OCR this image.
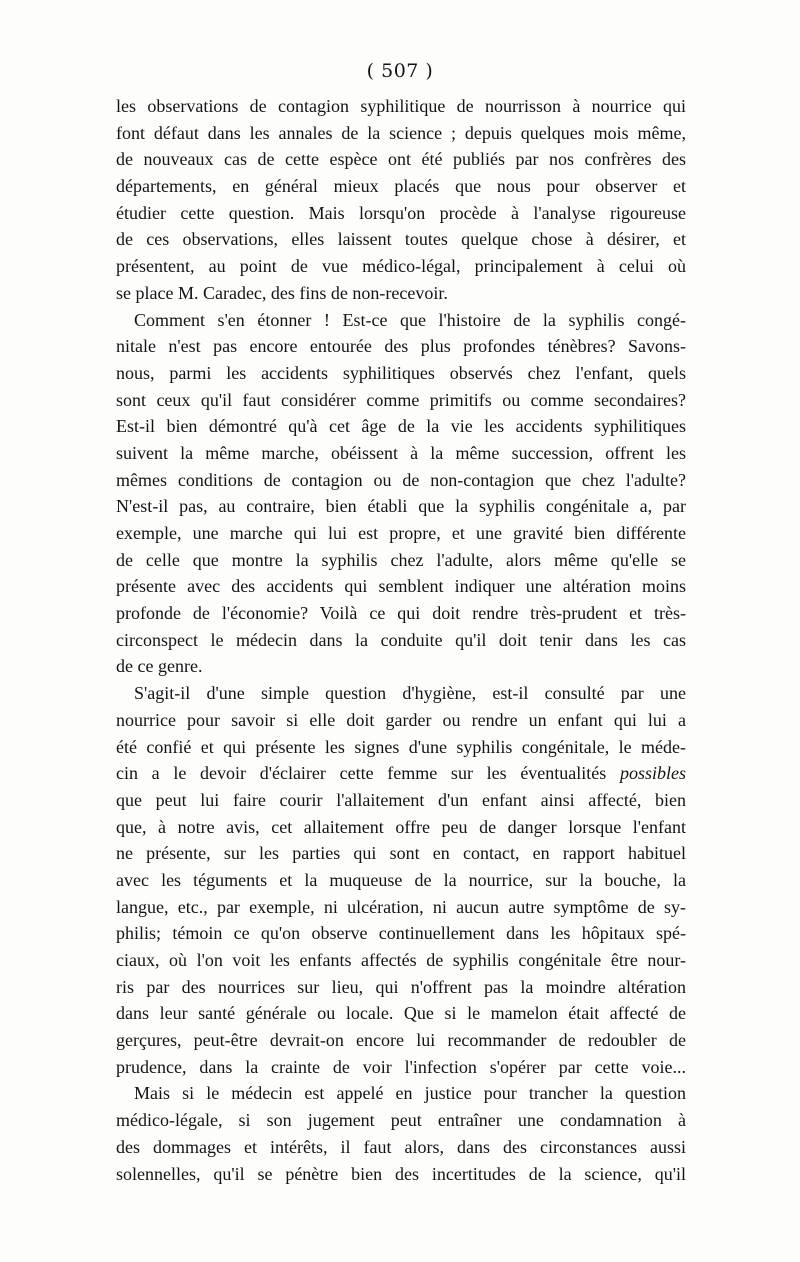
( 507 )
les observations de contagion syphilitique de nourrisson à nourrice qui
font défaut dans les annales de la science ; depuis quelques mois même,
de nouveaux cas de cette espèce ont été publiés par nos confrères des
départements, en général mieux placés que nous pour observer et
étudier cette question. Mais lorsqu'on procède à l'analyse rigoureuse
de ces observations, elles laissent toutes quelque chose à désirer, et
présentent, au point de vue médico-légal, principalement à celui où
se place M. Caradec, des fins de non-recevoir.
Comment s'en étonner ! Est-ce que l'histoire de la syphilis congé-
nitale n'est pas encore entourée des plus profondes ténèbres? Savons-
nous, parmi les accidents syphilitiques observés chez l'enfant, quels
sont ceux qu'il faut considérer comme primitifs ou comme secondaires?
Est-il bien démontré qu'à cet âge de la vie les accidents syphilitiques
suivent la même marche, obéissent à la même succession, offrent les
mêmes conditions de contagion ou de non-contagion que chez l'adulte?
N'est-il pas, au contraire, bien établi que la syphilis congénitale a, par
exemple, une marche qui lui est propre, et une gravité bien différente
de celle que montre la syphilis chez l'adulte, alors même qu'elle se
présente avec des accidents qui semblent indiquer une altération moins
profonde de l'économie? Voilà ce qui doit rendre très-prudent et très-
circonspect le médecin dans la conduite qu'il doit tenir dans les cas
de ce genre.
S'agit-il d'une simple question d'hygiène, est-il consulté par une
nourrice pour savoir si elle doit garder ou rendre un enfant qui lui a
été confié et qui présente les signes d'une syphilis congénitale, le méde-
cin a le devoir d'éclairer cette femme sur les éventualités possibles
que peut lui faire courir l'allaitement d'un enfant ainsi affecté, bien
que, à notre avis, cet allaitement offre peu de danger lorsque l'enfant
ne présente, sur les parties qui sont en contact, en rapport habituel
avec les téguments et la muqueuse de la nourrice, sur la bouche, la
langue, etc., par exemple, ni ulcération, ni aucun autre symptôme de sy-
philis; témoin ce qu'on observe continuellement dans les hôpitaux spé-
ciaux, où l'on voit les enfants affectés de syphilis congénitale être nour-
ris par des nourrices sur lieu, qui n'offrent pas la moindre altération
dans leur santé générale ou locale. Que si le mamelon était affecté de
gerçures, peut-être devrait-on encore lui recommander de redoubler de
prudence, dans la crainte de voir l'infection s'opérer par cette voie...
Mais si le médecin est appelé en justice pour trancher la question
médico-légale, si son jugement peut entraîner une condamnation à
des dommages et intérêts, il faut alors, dans des circonstances aussi
solennelles, qu'il se pénètre bien des incertitudes de la science, qu'il
